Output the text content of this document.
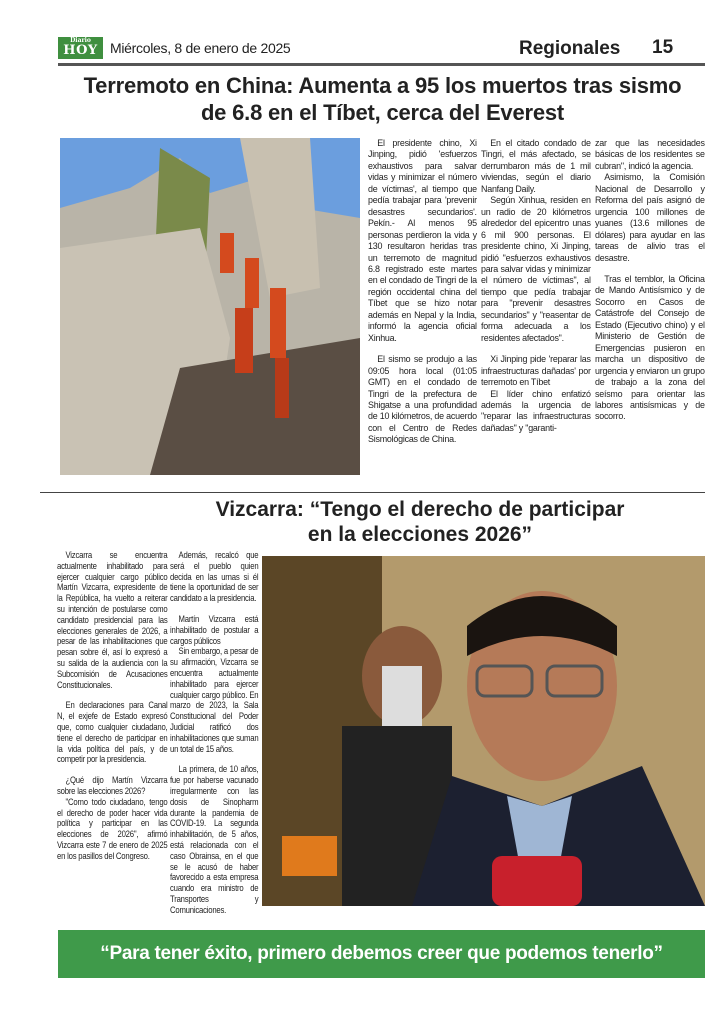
Diario
HOY Miércoles, 8 de enero de 2025	Regionales 15
Terremoto en China: Aumenta a 95 los muertos tras sismo
de 6.8 en el Tíbet, cerca del Everest

El presidente chino, Xi Jinping, pidió 'esfuerzos exhaustivos para salvar vidas y minimizar el número de víctimas', al tiempo que pedía trabajar para 'prevenir desastres secundarios'. Pekín.- Al menos 95 personas perdieron la vida y 130 resultaron heridas tras un terremoto de magnitud 6.8 registrado este martes en el condado de Tingri de la región occidental china del Tíbet que se hizo notar además en Nepal y la India, informó la agencia oficial Xinhua.

El sismo se produjo a las 09:05 hora local (01:05 GMT) en el condado de Tingri de la prefectura de Shigatse a una profundidad de 10 kilómetros, de acuerdo con el Centro de Redes Sismológicas de China.

En el citado condado de Tingri, el más afectado, se derrumbaron más de 1 mil viviendas, según el diario Nanfang Daily.

Según Xinhua, residen en un radio de 20 kilómetros alrededor del epicentro unas 6 mil 900 personas. El presidente chino, Xi Jinping, pidió "esfuerzos exhaustivos para salvar vidas y minimizar el número de víctimas", al tiempo que pedía trabajar para "prevenir desastres secundarios" y "reasentar de forma adecuada a los residentes afectados".

Xi Jinping pide 'reparar las infraestructuras dañadas' por terremoto en Tíbet

El líder chino enfatizó además la urgencia de "reparar las infraestructuras dañadas" y "garanti-

zar que las necesidades básicas de los residentes se cubran", indicó la agencia.

Asimismo, la Comisión Nacional de Desarrollo y Reforma del país asignó de urgencia 100 millones de yuanes (13.6 millones de dólares) para ayudar en las tareas de alivio tras el desastre.

Tras el temblor, la Oficina de Mando Antisísmico y de Socorro en Casos de Catástrofe del Consejo de Estado (Ejecutivo chino) y el Ministerio de Gestión de Emergencias pusieron en marcha un dispositivo de urgencia y enviaron un grupo de trabajo a la zona del seísmo para orientar las labores antisísmicas y de socorro.

Vizcarra: “Tengo el derecho de participar
en la elecciones 2026”

Vizcarra se encuentra actualmente inhabilitado para ejercer cualquier cargo público Martín Vizcarra, expresidente de la República, ha vuelto a reiterar su intención de postularse como candidato presidencial para las elecciones generales de 2026, a pesar de las inhabilitaciones que pesan sobre él, así lo expresó a su salida de la audiencia con la Subcomisión de Acusaciones Constitucionales.

En declaraciones para Canal N, el exjefe de Estado expresó que, como cualquier ciudadano, tiene el derecho de participar en la vida política del país, y de competir por la presidencia.

¿Qué dijo Martín Vizcarra sobre las elecciones 2026?

"Como todo ciudadano, tengo el derecho de poder hacer vida política y participar en las elecciones de 2026", afirmó Vizcarra este 7 de enero de 2025 en los pasillos del Congreso.

Además, recalcó que será el pueblo quien decida en las urnas si él tiene la oportunidad de ser candidato a la presidencia.

Martín Vizcarra está inhabilitado de postular a cargos públicos

Sin embargo, a pesar de su afirmación, Vizcarra se encuentra actualmente inhabilitado para ejercer cualquier cargo público. En marzo de 2023, la Sala Constitucional del Poder Judicial ratificó dos inhabilitaciones que suman un total de 15 años.

La primera, de 10 años, fue por haberse vacunado irregularmente con las dosis de Sinopharm durante la pandemia de COVID-19. La segunda inhabilitación, de 5 años, está relacionada con el caso Obrainsa, en el que se le acusó de haber favorecido a esta empresa cuando era ministro de Transportes y Comunicaciones.

“Para tener éxito, primero debemos creer que podemos tenerlo”
